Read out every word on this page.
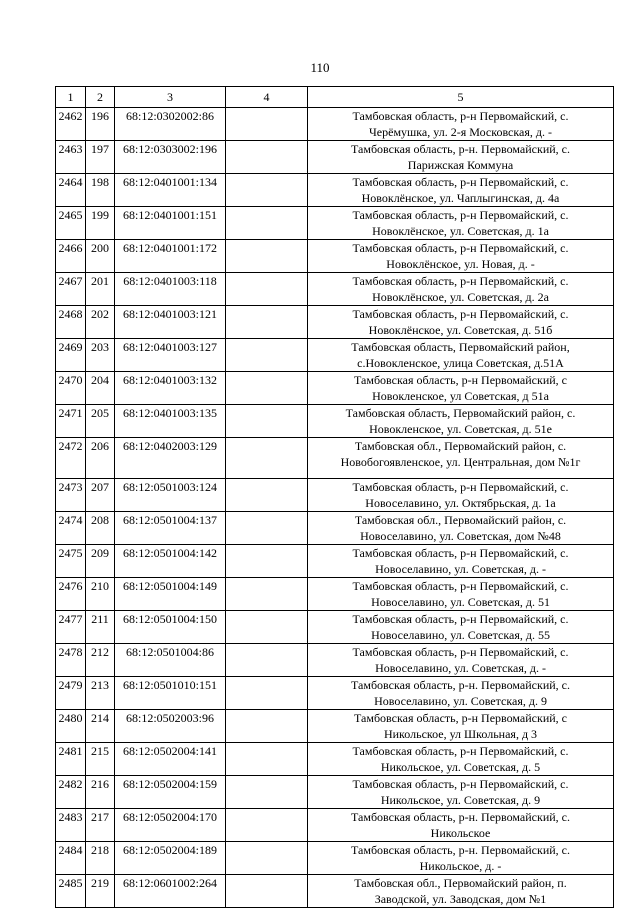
110
1	2	3	4	5
2462	196	68:12:0302002:86		Тамбовская область, р-н Первомайский, с.
Черёмушка, ул. 2-я Московская, д. -
2463	197	68:12:0303002:196		Тамбовская область, р-н. Первомайский, с.
Парижская Коммуна
2464	198	68:12:0401001:134		Тамбовская область, р-н Первомайский, с.
Новоклёнское, ул. Чаплыгинская, д. 4а
2465	199	68:12:0401001:151		Тамбовская область, р-н Первомайский, с.
Новоклёнское, ул. Советская, д. 1а
2466	200	68:12:0401001:172		Тамбовская область, р-н Первомайский, с.
Новоклёнское, ул. Новая, д. -
2467	201	68:12:0401003:118		Тамбовская область, р-н Первомайский, с.
Новоклёнское, ул. Советская, д. 2а
2468	202	68:12:0401003:121		Тамбовская область, р-н Первомайский, с.
Новоклёнское, ул. Советская, д. 51б
2469	203	68:12:0401003:127		Тамбовская область, Первомайский район,
с.Новокленское, улица Советская, д.51А
2470	204	68:12:0401003:132		Тамбовская область, р-н Первомайский, с
Новокленское, ул Советская, д 51а
2471	205	68:12:0401003:135		Тамбовская область, Первомайский район, с.
Новокленское, ул. Советская, д. 51е
2472	206	68:12:0402003:129		Тамбовская обл., Первомайский район, с.
Новобогоявленское, ул. Центральная, дом №1г
2473	207	68:12:0501003:124		Тамбовская область, р-н Первомайский, с.
Новоселавино, ул. Октябрьская, д. 1а
2474	208	68:12:0501004:137		Тамбовская обл., Первомайский район, с.
Новоселавино, ул. Советская, дом №48
2475	209	68:12:0501004:142		Тамбовская область, р-н Первомайский, с.
Новоселавино, ул. Советская, д. -
2476	210	68:12:0501004:149		Тамбовская область, р-н Первомайский, с.
Новоселавино, ул. Советская, д. 51
2477	211	68:12:0501004:150		Тамбовская область, р-н Первомайский, с.
Новоселавино, ул. Советская, д. 55
2478	212	68:12:0501004:86		Тамбовская область, р-н Первомайский, с.
Новоселавино, ул. Советская, д. -
2479	213	68:12:0501010:151		Тамбовская область, р-н. Первомайский, с.
Новоселавино, ул. Советская, д. 9
2480	214	68:12:0502003:96		Тамбовская область, р-н Первомайский, с
Никольское, ул Школьная, д 3
2481	215	68:12:0502004:141		Тамбовская область, р-н Первомайский, с.
Никольское, ул. Советская, д. 5
2482	216	68:12:0502004:159		Тамбовская область, р-н Первомайский, с.
Никольское, ул. Советская, д. 9
2483	217	68:12:0502004:170		Тамбовская область, р-н. Первомайский, с.
Никольское
2484	218	68:12:0502004:189		Тамбовская область, р-н. Первомайский, с.
Никольское, д. -
2485	219	68:12:0601002:264		Тамбовская обл., Первомайский район, п.
Заводской, ул. Заводская, дом №1
